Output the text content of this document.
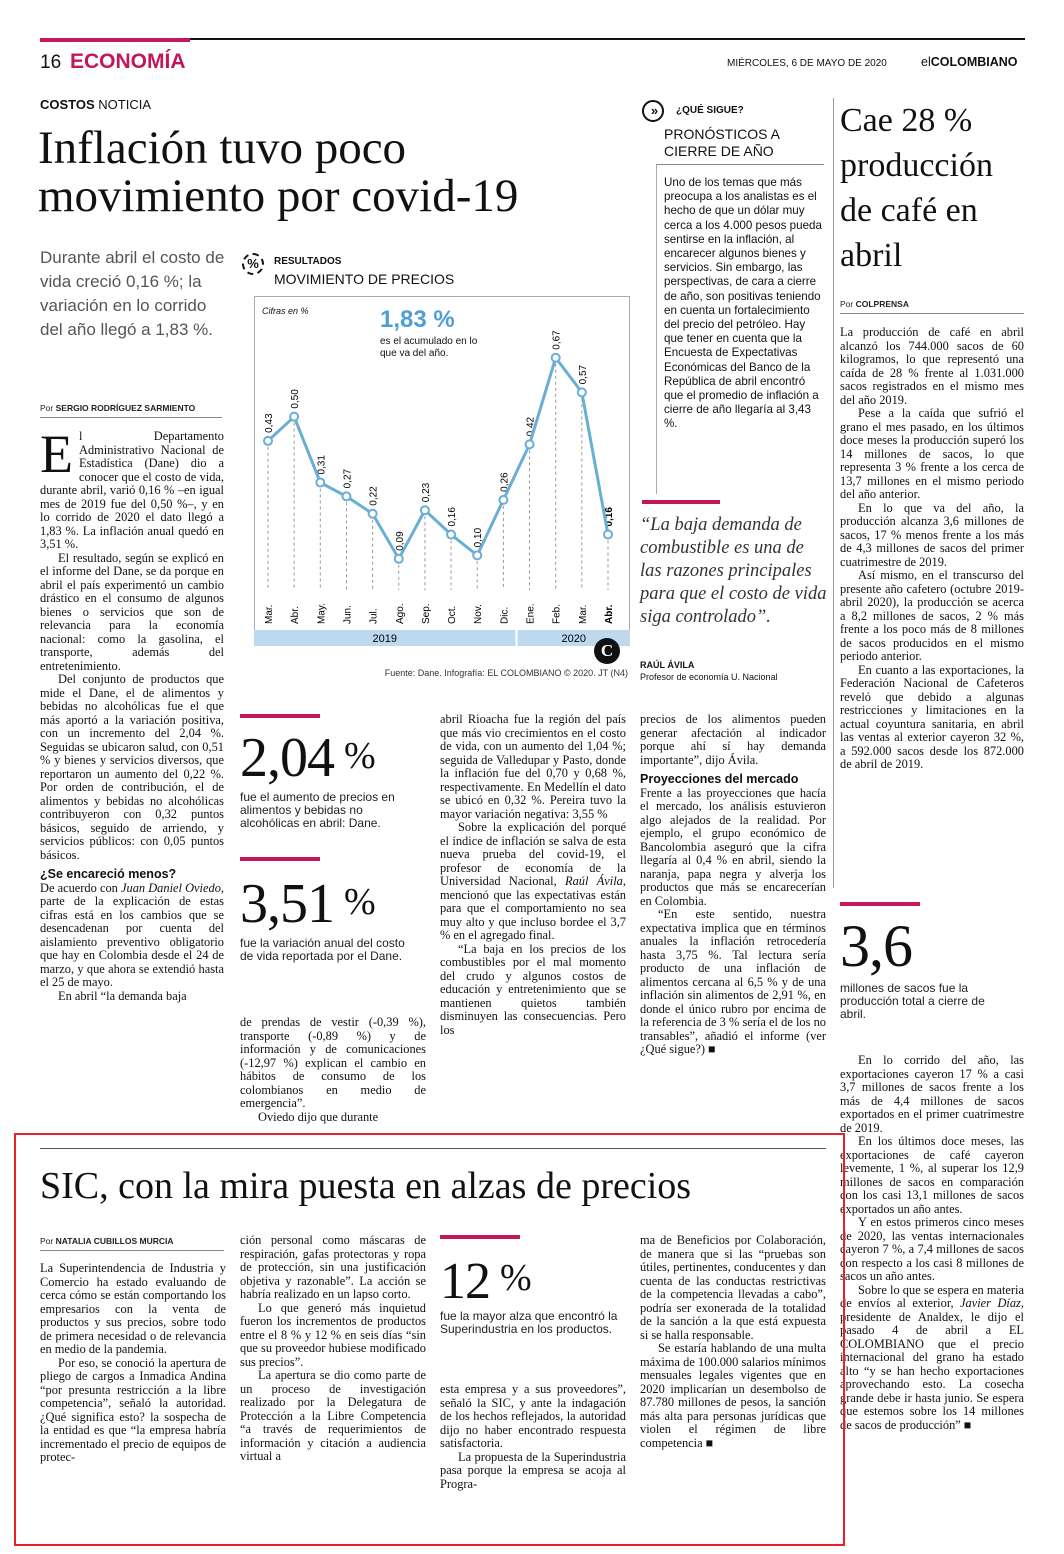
16 ECONOMÍA	MIÉRCOLES, 6 DE MAYO DE 2020	elCOLOMBIANO
COSTOS NOTICIA
Inflación tuvo poco movimiento por covid-19
Durante abril el costo de vida creció 0,16 %; la variación en lo corrido del año llegó a 1,83 %.
Por SERGIO RODRÍGUEZ SARMIENTO
%	RESULTADOS
MOVIMIENTO DE PRECIOS
Cifras en %	1,83 %
es el acumulado en lo que va del año.
0,43
0,50
0,31
0,27
0,22
0,09
0,23
0,16
0,10
0,26
0,42
0,67
0,57
0,16
Mar. Abr. May. Jun. Jul. Ago. Sep. Oct. Nov. Dic. Ene. Feb. Mar. Abr.
2019	2020
Fuente: Dane. Infografía: EL COLOMBIANO © 2020. JT (N4)
C

El Departamento Administrativo Nacional de Estadística (Dane) dio a conocer que el costo de vida, durante abril, varió 0,16 % –en igual mes de 2019 fue del 0,50 %–, y en lo corrido de 2020 el dato llegó a 1,83 %. La inflación anual quedó en 3,51 %.

El resultado, según se explicó en el informe del Dane, se da porque en abril el país experimentó un cambio drástico en el consumo de algunos bienes o servicios que son de relevancia para la economía nacional: como la gasolina, el transporte, además del entretenimiento.

Del conjunto de productos que mide el Dane, el de alimentos y bebidas no alcohólicas fue el que más aportó a la variación positiva, con un incremento del 2,04 %. Seguidas se ubicaron salud, con 0,51 % y bienes y servicios diversos, que reportaron un aumento del 0,22 %. Por orden de contribución, el de alimentos y bebidas no alcohólicas contribuyeron con 0,32 puntos básicos, seguido de arriendo, y servicios públicos: con 0,05 puntos básicos.

¿Se encareció menos?

De acuerdo con Juan Daniel Oviedo, parte de la explicación de estas cifras está en los cambios que se desencadenan por cuenta del aislamiento preventivo obligatorio que hay en Colombia desde el 24 de marzo, y que ahora se extendió hasta el 25 de mayo.

En abril “la demanda baja

2,04 %
fue el aumento de precios en alimentos y bebidas no alcohólicas en abril: Dane.
3,51 %
fue la variación anual del costo de vida reportada por el Dane.

de prendas de vestir (-0,39 %), transporte (-0,89 %) y de información y de comunicaciones (-12,97 %) explican el cambio en hábitos de consumo de los colombianos en medio de emergencia”.

Oviedo dijo que durante

abril Rioacha fue la región del país que más vio crecimientos en el costo de vida, con un aumento del 1,04 %; seguida de Valledupar y Pasto, donde la inflación fue del 0,70 y 0,68 %, respectivamente. En Medellín el dato se ubicó en 0,32 %. Pereira tuvo la mayor variación negativa: 3,55 %

Sobre la explicación del porqué el índice de inflación se salva de esta nueva prueba del covid-19, el profesor de economía de la Universidad Nacional, Raúl Ávila, mencionó que las expectativas están para que el comportamiento no sea muy alto y que incluso bordee el 3,7 % en el agregado final.

“La baja en los precios de los combustibles por el mal momento del crudo y algunos costos de educación y entretenimiento que se mantienen quietos también disminuyen las consecuencias. Pero los

precios de los alimentos pueden generar afectación al indicador porque ahí sí hay demanda importante”, dijo Ávila.

Proyecciones del mercado

Frente a las proyecciones que hacía el mercado, los análisis estuvieron algo alejados de la realidad. Por ejemplo, el grupo económico de Bancolombia aseguró que la cifra llegaría al 0,4 % en abril, siendo la naranja, papa negra y alverja los productos que más se encarecerían en Colombia.

“En este sentido, nuestra expectativa implica que en términos anuales la inflación retrocedería hasta 3,75 %. Tal lectura sería producto de una inflación de alimentos cercana al 6,5 % y de una inflación sin alimentos de 2,91 %, en donde el único rubro por encima de la referencia de 3 % sería el de los no transables”, añadió el informe (ver ¿Qué sigue?) ■

»	¿QUÉ SIGUE?
PRONÓSTICOS A CIERRE DE AÑO
Uno de los temas que más preocupa a los analistas es el hecho de que un dólar muy cerca a los 4.000 pesos pueda sentirse en la inflación, al encarecer algunos bienes y servicios. Sin embargo, las perspectivas, de cara a cierre de año, son positivas teniendo en cuenta un fortalecimiento del precio del petróleo. Hay que tener en cuenta que la Encuesta de Expectativas Económicas del Banco de la República de abril encontró que el promedio de inflación a cierre de año llegaría al 3,43 %.
“La baja demanda de combustible es una de las razones principales para que el costo de vida siga controlado”.
RAÚL ÁVILA
Profesor de economía U. Nacional
Cae 28 % producción de café en abril
Por COLPRENSA

La producción de café en abril alcanzó los 744.000 sacos de 60 kilogramos, lo que representó una caída de 28 % frente al 1.031.000 sacos registrados en el mismo mes del año 2019.

Pese a la caída que sufrió el grano el mes pasado, en los últimos doce meses la producción superó los 14 millones de sacos, lo que representa 3 % frente a los cerca de 13,7 millones en el mismo periodo del año anterior.

En lo que va del año, la producción alcanza 3,6 millones de sacos, 17 % menos frente a los más de 4,3 millones de sacos del primer cuatrimestre de 2019.

Así mismo, en el transcurso del presente año cafetero (octubre 2019-abril 2020), la producción se acerca a 8,2 millones de sacos, 2 % más frente a los poco más de 8 millones de sacos producidos en el mismo periodo anterior.

En cuanto a las exportaciones, la Federación Nacional de Cafeteros reveló que debido a algunas restricciones y limitaciones en la actual coyuntura sanitaria, en abril las ventas al exterior cayeron 32 %, a 592.000 sacos desde los 872.000 de abril de 2019.

3,6
millones de sacos fue la producción total a cierre de abril.

En lo corrido del año, las exportaciones cayeron 17 % a casi 3,7 millones de sacos frente a los más de 4,4 millones de sacos exportados en el primer cuatrimestre de 2019.

En los últimos doce meses, las exportaciones de café cayeron levemente, 1 %, al superar los 12,9 millones de sacos en comparación con los casi 13,1 millones de sacos exportados un año antes.

Y en estos primeros cinco meses de 2020, las ventas internacionales cayeron 7 %, a 7,4 millones de sacos con respecto a los casi 8 millones de sacos un año antes.

Sobre lo que se espera en materia de envíos al exterior, Javier Díaz, presidente de Analdex, le dijo el pasado 4 de abril a EL COLOMBIANO que el precio internacional del grano ha estado alto “y se han hecho exportaciones aprovechando esto. La cosecha grande debe ir hasta junio. Se espera que estemos sobre los 14 millones de sacos de producción” ■

SIC, con la mira puesta en alzas de precios
Por NATALIA CUBILLOS MURCIA

La Superintendencia de Industria y Comercio ha estado evaluando de cerca cómo se están comportando los empresarios con la venta de productos y sus precios, sobre todo de primera necesidad o de relevancia en medio de la pandemia.

Por eso, se conoció la apertura de pliego de cargos a Inmadica Andina “por presunta restricción a la libre competencia”, señaló la autoridad. ¿Qué significa esto? la sospecha de la entidad es que “la empresa habría incrementado el precio de equipos de protec-

ción personal como máscaras de respiración, gafas protectoras y ropa de protección, sin una justificación objetiva y razonable”. La acción se habría realizado en un lapso corto.

Lo que generó más inquietud fueron los incrementos de productos entre el 8 % y 12 % en seis días “sin que su proveedor hubiese modificado sus precios”.

La apertura se dio como parte de un proceso de investigación realizado por la Delegatura de Protección a la Libre Competencia “a través de requerimientos de información y citación a audiencia virtual a

12 %
fue la mayor alza que encontró la Superindustria en los productos.

esta empresa y a sus proveedores”, señaló la SIC, y ante la indagación de los hechos reflejados, la autoridad dijo no haber encontrado respuesta satisfactoria.

La propuesta de la Superindustria pasa porque la empresa se acoja al Progra-

ma de Beneficios por Colaboración, de manera que si las “pruebas son útiles, pertinentes, conducentes y dan cuenta de las conductas restrictivas de la competencia llevadas a cabo”, podría ser exonerada de la totalidad de la sanción a la que está expuesta si se halla responsable.

Se estaría hablando de una multa máxima de 100.000 salarios mínimos mensuales legales vigentes que en 2020 implicarían un desembolso de 87.780 millones de pesos, la sanción más alta para personas jurídicas que violen el régimen de libre competencia ■
